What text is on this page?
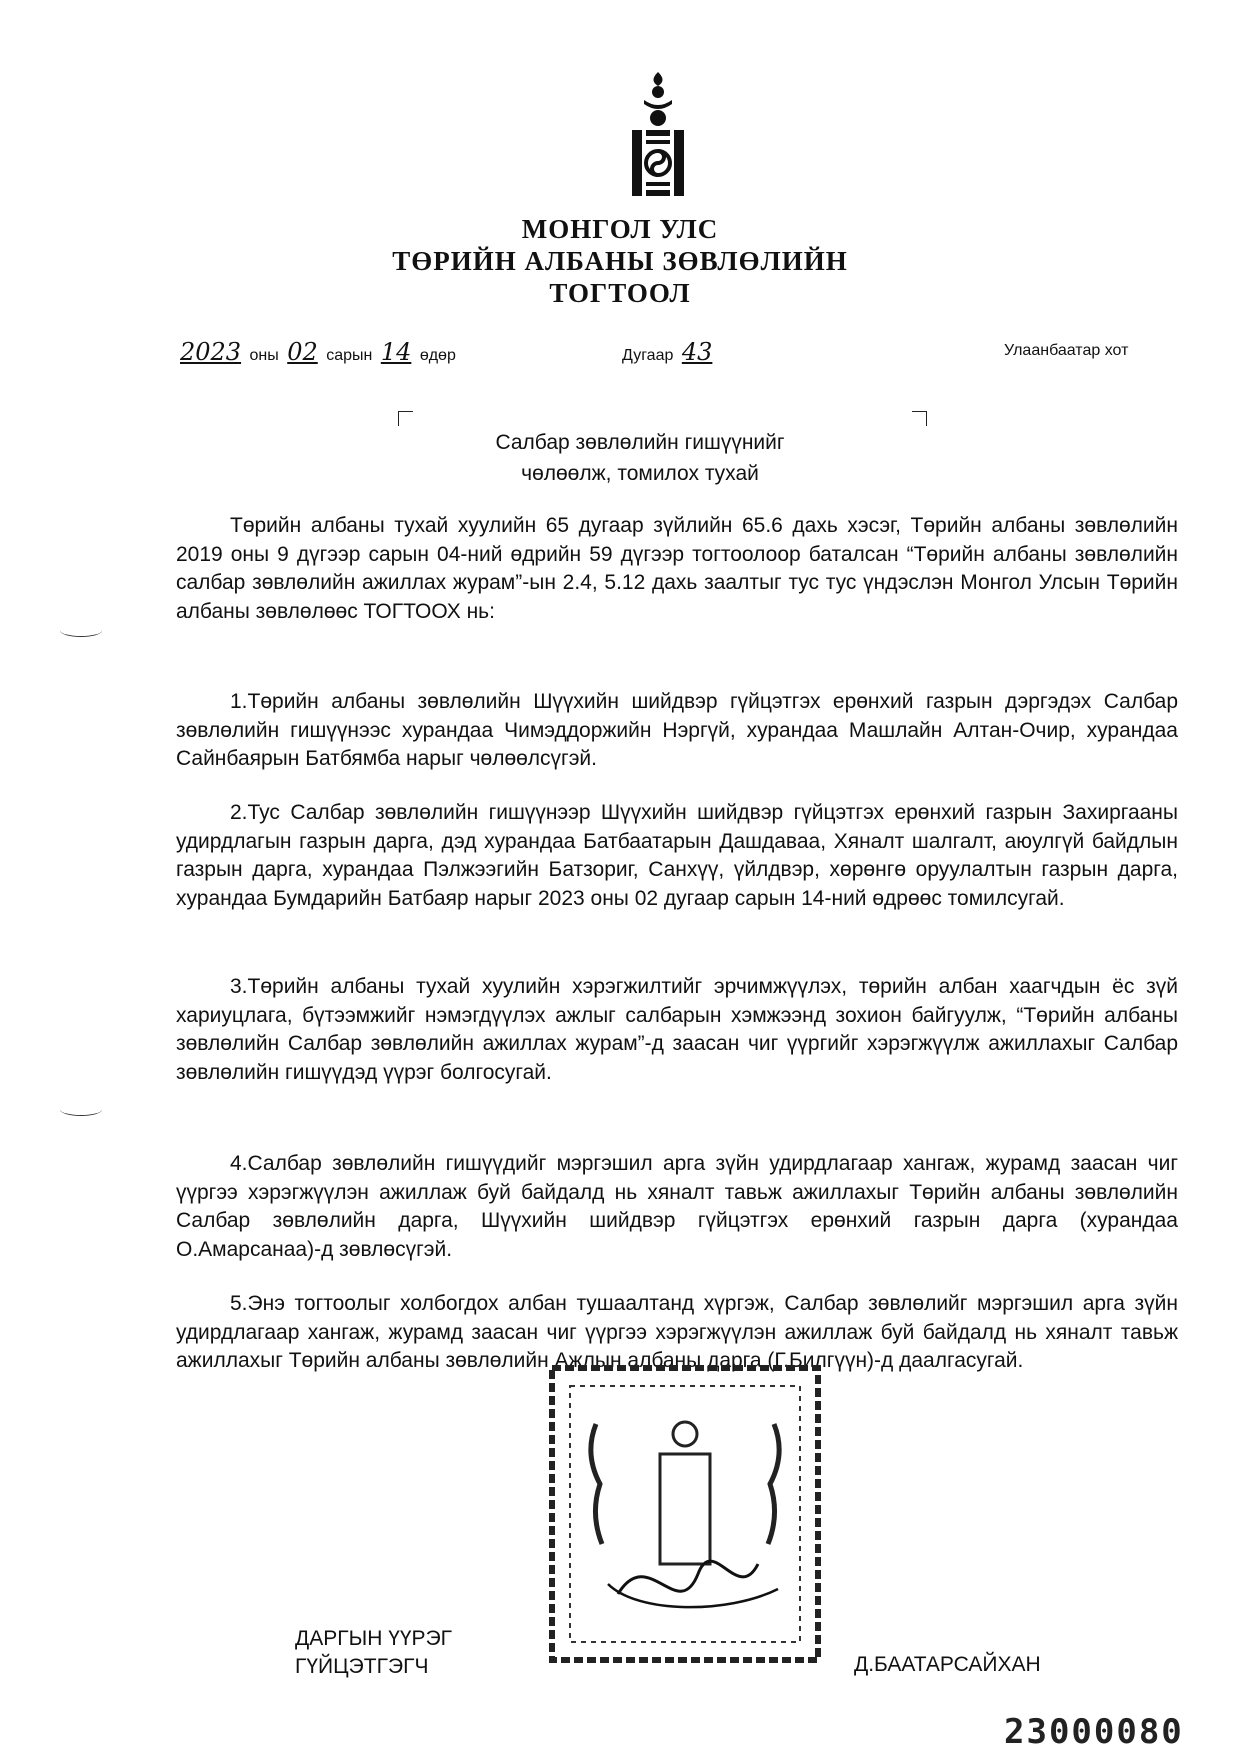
МОНГОЛ УЛС
ТӨРИЙН АЛБАНЫ ЗӨВЛӨЛИЙН
ТОГТООЛ
2023 оны 02 сарын 14 өдөр	Дугаар 43	Улаанбаатар хот
Салбар зөвлөлийн гишүүнийг
чөлөөлж, томилох тухай
Төрийн албаны тухай хуулийн 65 дугаар зүйлийн 65.6 дахь хэсэг, Төрийн албаны зөвлөлийн 2019 оны 9 дүгээр сарын 04-ний өдрийн 59 дүгээр тогтоолоор баталсан “Төрийн албаны зөвлөлийн салбар зөвлөлийн ажиллах журам”-ын 2.4, 5.12 дахь заалтыг тус тус үндэслэн Монгол Улсын Төрийн албаны зөвлөлөөс ТОГТООХ нь:
1.Төрийн албаны зөвлөлийн Шүүхийн шийдвэр гүйцэтгэх ерөнхий газрын дэргэдэх Салбар зөвлөлийн гишүүнээс хурандаа Чимэддоржийн Нэргүй, хурандаа Машлайн Алтан-Очир, хурандаа Сайнбаярын Батбямба нарыг чөлөөлсүгэй.
2.Тус Салбар зөвлөлийн гишүүнээр Шүүхийн шийдвэр гүйцэтгэх ерөнхий газрын Захиргааны удирдлагын газрын дарга, дэд хурандаа Батбаатарын Дашдаваа, Хяналт шалгалт, аюулгүй байдлын газрын дарга, хурандаа Пэлжээгийн Батзориг, Санхүү, үйлдвэр, хөрөнгө оруулалтын газрын дарга, хурандаа Бумдарийн Батбаяр нарыг 2023 оны 02 дугаар сарын 14-ний өдрөөс томилсугай.
3.Төрийн албаны тухай хуулийн хэрэгжилтийг эрчимжүүлэх, төрийн албан хаагчдын ёс зүй хариуцлага, бүтээмжийг нэмэгдүүлэх ажлыг салбарын хэмжээнд зохион байгуулж, “Төрийн албаны зөвлөлийн Салбар зөвлөлийн ажиллах журам”-д заасан чиг үүргийг хэрэгжүүлж ажиллахыг Салбар зөвлөлийн гишүүдэд үүрэг болгосугай.
4.Салбар зөвлөлийн гишүүдийг мэргэшил арга зүйн удирдлагаар хангаж, журамд заасан чиг үүргээ хэрэгжүүлэн ажиллаж буй байдалд нь хяналт тавьж ажиллахыг Төрийн албаны зөвлөлийн Салбар зөвлөлийн дарга, Шүүхийн шийдвэр гүйцэтгэх ерөнхий газрын дарга (хурандаа О.Амарсанаа)-д зөвлөсүгэй.
5.Энэ тогтоолыг холбогдох албан тушаалтанд хүргэж, Салбар зөвлөлийг мэргэшил арга зүйн удирдлагаар хангаж, журамд заасан чиг үүргээ хэрэгжүүлэн ажиллаж буй байдалд нь хяналт тавьж ажиллахыг Төрийн албаны зөвлөлийн Ажлын албаны дарга (Г.Билгүүн)-д даалгасугай.
ДАРГЫН ҮҮРЭГ
ГҮЙЦЭТГЭГЧ	Д.БААТАРСАЙХАН
23000080
